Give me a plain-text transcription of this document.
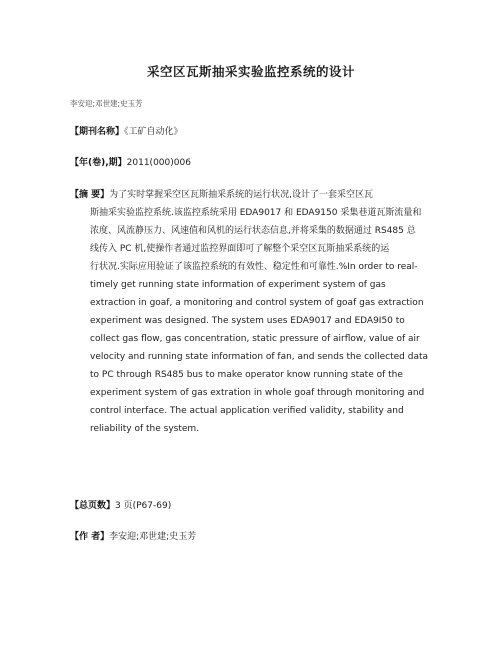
采空区瓦斯抽采实验监控系统的设计
李安迎;邓世建;史玉芳
【期刊名称】《工矿自动化》
【年(卷),期】2011(000)006
【摘 要】为了实时掌握采空区瓦斯抽采系统的运行状况,设计了一套采空区瓦
斯抽采实验监控系统.该监控系统采用 EDA9017 和 EDA9150 采集巷道瓦斯流量和
浓度、风流静压力、风速值和风机的运行状态信息,并将采集的数据通过 RS485 总
线传入 PC 机,使操作者通过监控界面即可了解整个采空区瓦斯抽采系统的运
行状况.实际应用验证了该监控系统的有效性、稳定性和可靠性.%In order to real-
timely get running state information of experiment system of gas
extraction in goaf, a monitoring and control system of goaf gas extraction
experiment was designed. The system uses EDA9017 and EDA9I50 to
collect gas flow, gas concentration, static pressure of airflow, value of air
velocity and running state information of fan, and sends the collected data
to PC through RS485 bus to make operator know running state of the
experiment system of gas extration in whole goaf through monitoring and
control interface. The actual application verified validity, stability and
reliability of the system.
【总页数】3 页(P67-69)
【作 者】李安迎;邓世建;史玉芳
